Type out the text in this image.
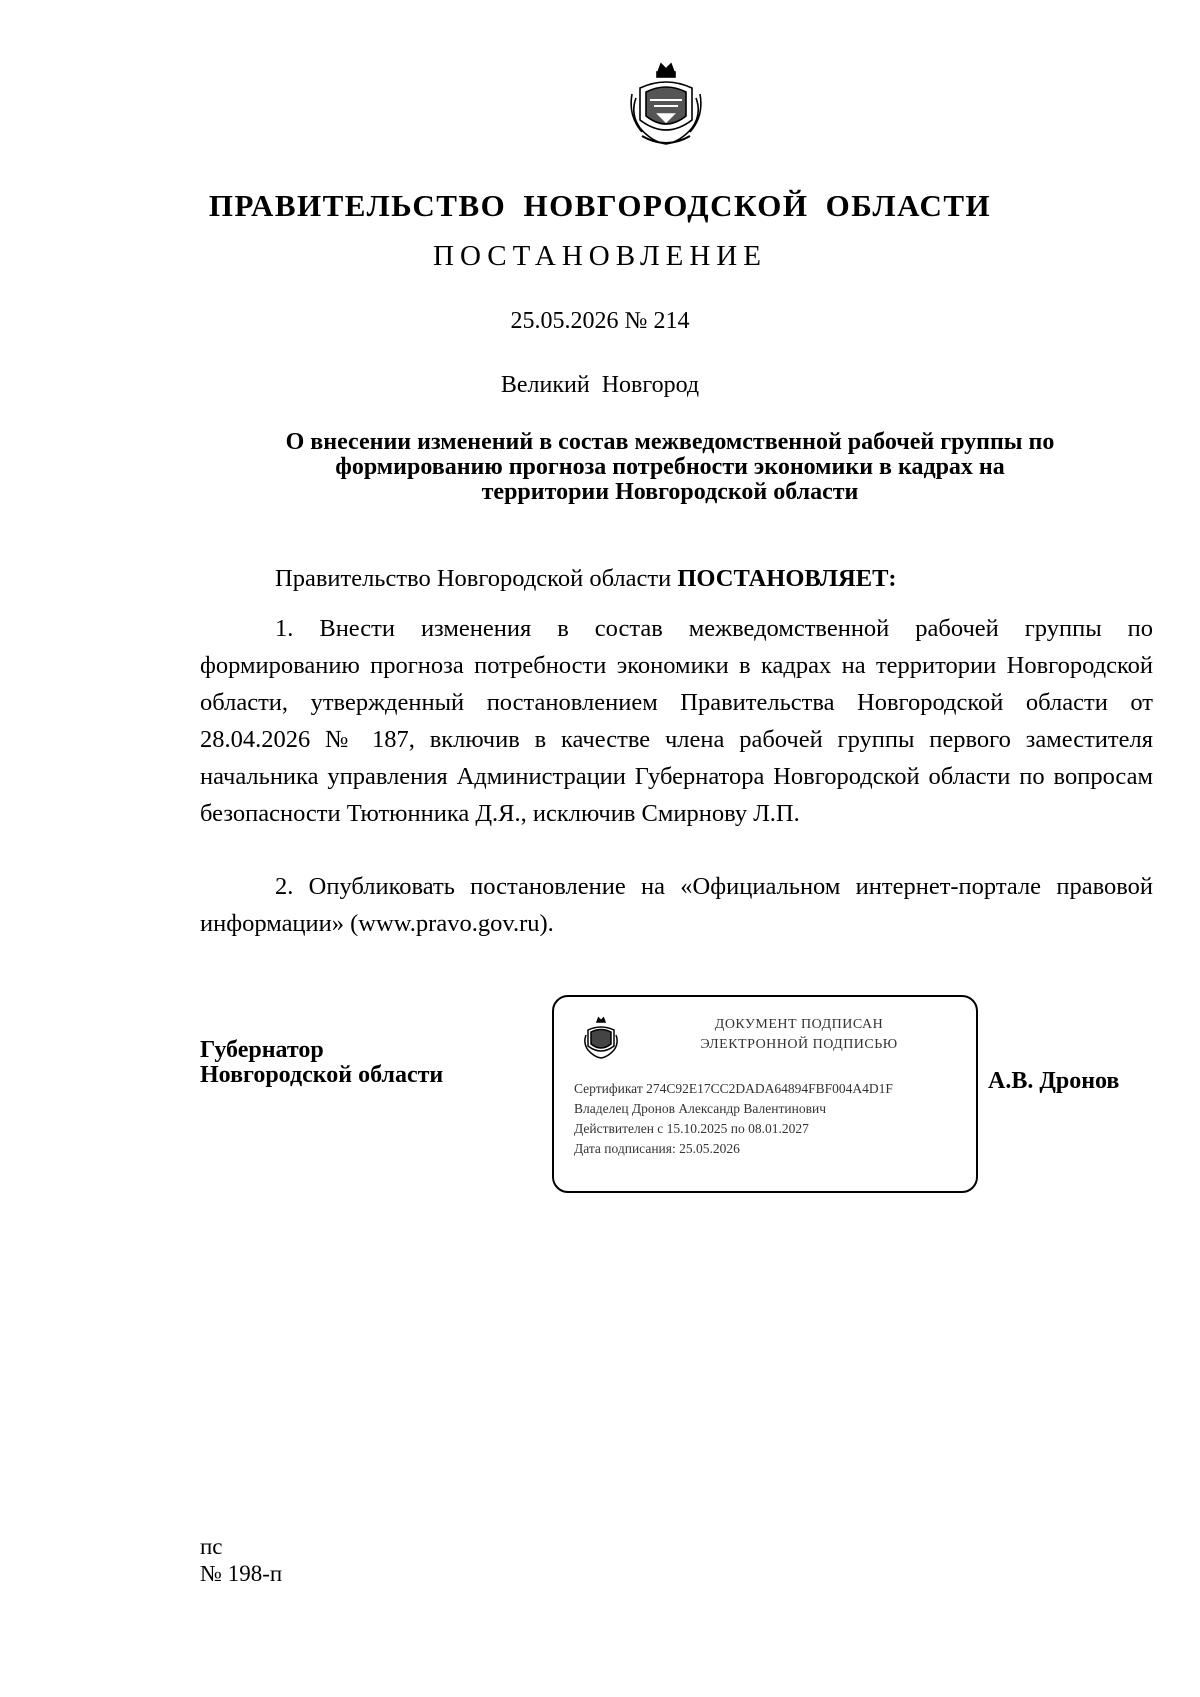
ПРАВИТЕЛЬСТВО НОВГОРОДСКОЙ ОБЛАСТИ
ПОСТАНОВЛЕНИЕ
25.05.2026 № 214
Великий Новгород
О внесении изменений в состав межведомственной рабочей группы по
формированию прогноза потребности экономики в кадрах на
территории Новгородской области
Правительство Новгородской области ПОСТАНОВЛЯЕТ:
1. Внести изменения в состав межведомственной рабочей группы по формированию прогноза потребности экономики в кадрах на территории Новгородской области, утвержденный постановлением Правительства Новгородской области от 28.04.2026 № 187, включив в качестве члена рабочей группы первого заместителя начальника управления Администрации Губернатора Новгородской области по вопросам безопасности Тютюнника Д.Я., исключив Смирнову Л.П.
2. Опубликовать постановление на «Официальном интернет-портале правовой информации» (www.pravo.gov.ru).
Губернатор
Новгородской области
ДОКУМЕНТ ПОДПИСАН
ЭЛЕКТРОННОЙ ПОДПИСЬЮ
Сертификат 274C92E17CC2DADA64894FBF004A4D1F
Владелец Дронов Александр Валентинович
Действителен с 15.10.2025 по 08.01.2027
Дата подписания: 25.05.2026
А.В. Дронов
пс
№ 198-п
